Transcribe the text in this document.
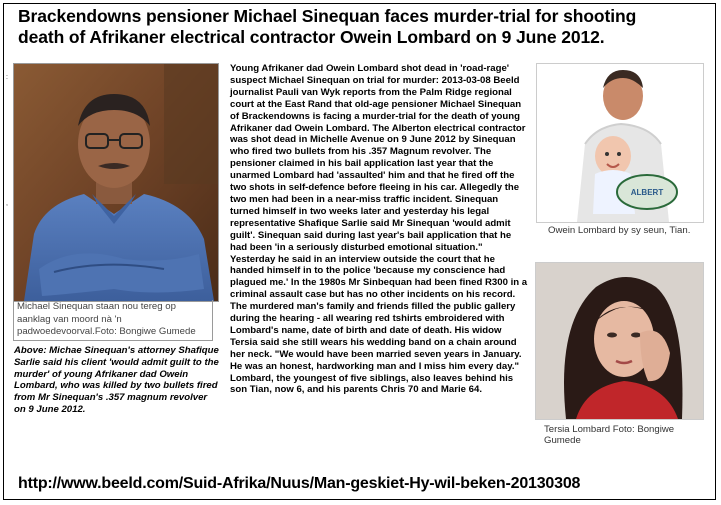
Brackendowns pensioner Michael Sinequan faces murder-trial for shooting
death of Afrikaner electrical contractor Owein Lombard on 9 June 2012.
:
,
Michael Sinequan staan nou tereg op aanklag van moord nà 'n padwoedevoorval.Foto: Bongiwe Gumede
Above: Michae Sinequan's attorney Shafique Sarlie said his client 'would admit guilt to the murder' of young Afrikaner dad Owein Lombard, who was killed by two bullets fired from Mr Sinequan's .357 magnum revolver on 9 June 2012.

Young Afrikaner dad Owein Lombard shot dead in 'road-rage' suspect Michael Sinequan on trial for murder: 2013-03-08 Beeld journalist Pauli van Wyk reports from the Palm Ridge regional court at the East Rand that old-age pensioner Michael Sinequan of Brackendowns is facing a murder-trial for the death of young Afrikaner dad Owein Lombard. The Alberton electrical contractor was shot dead in Michelle Avenue on 9 June 2012 by Sinequan who fired two bullets from his .357 Magnum revolver. The pensioner claimed in his bail application last year that the unarmed Lombard had 'assaulted' him and that he fired off the two shots in self-defence before fleeing in his car. Allegedly the two men had been in a near-miss traffic incident. Sinequan turned himself in two weeks later and yesterday his legal representative Shafique Sarlie said Mr Sinequan 'would admit guilt'. Sinequan said during last year's bail application that he had been 'in a seriously disturbed emotional situation." Yesterday he said in an interview outside the court that he handed himself in to the police 'because my conscience had plagued me.' In the 1980s Mr Sinbequan had been fined R300 in a criminal assault case but has no other incidents on his record.

The murdered man's family and friends filled the public gallery during the hearing - all wearing red tshirts embroidered with Lombard's name, date of birth and date of death. His widow Tersia said she still wears his wedding band on a chain around her neck. "We would have been married seven years in January. He was an honest, hardworking man and I miss him every day." Lombard, the youngest of five siblings, also leaves behind his son Tian, now 6, and his parents Chris 70 and Marie 64.

ALBERT
Owein Lombard by sy seun, Tian.
Tersia Lombard Foto: Bongiwe Gumede
http://www.beeld.com/Suid-Afrika/Nuus/Man-geskiet-Hy-wil-beken-20130308
